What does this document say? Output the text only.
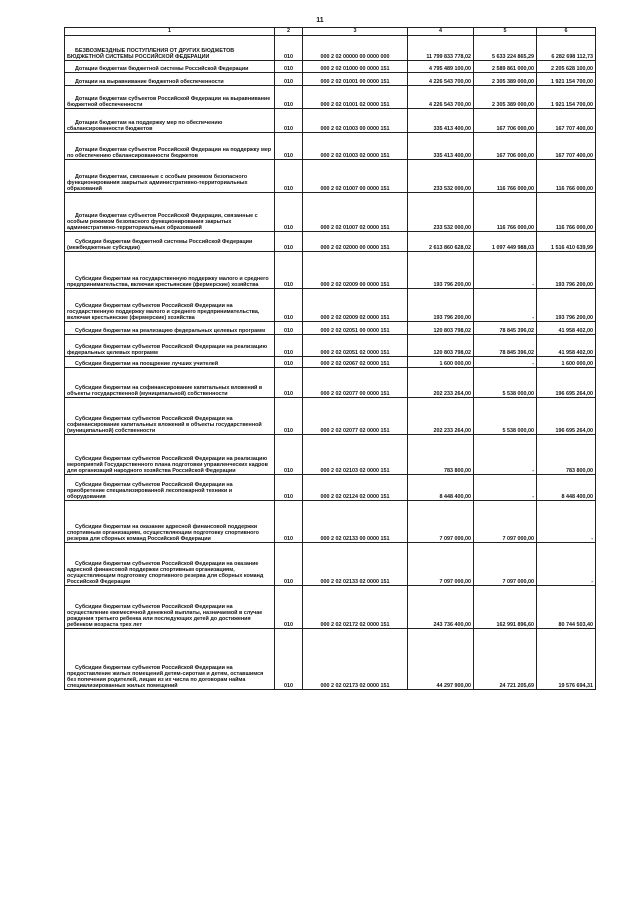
11
1	2	3	4	5	6

БЕЗВОЗМЕЗДНЫЕ ПОСТУПЛЕНИЯ ОТ ДРУГИХ БЮДЖЕТОВ БЮДЖЕТНОЙ СИСТЕМЫ РОССИЙСКОЙ ФЕДЕРАЦИИ	010	000 2 02 00000 00 0000 000	11 799 833 778,02	5 633 224 865,29	6 282 698 112,73

Дотации бюджетам бюджетной системы Российской Федерации	010	000 2 02 01000 00 0000 151	4 795 489 100,00	2 589 861 000,00	2 205 628 100,00

Дотации на выравнивание бюджетной обеспеченности	010	000 2 02 01001 00 0000 151	4 226 543 700,00	2 305 389 000,00	1 921 154 700,00

Дотации бюджетам субъектов Российской Федерации на выравнивание бюджетной обеспеченности	010	000 2 02 01001 02 0000 151	4 226 543 700,00	2 305 389 000,00	1 921 154 700,00

Дотации бюджетам на поддержку мер по обеспечению сбалансированности бюджетов	010	000 2 02 01003 00 0000 151	335 413 400,00	167 706 000,00	167 707 400,00

Дотации бюджетам субъектов Российской Федерации на поддержку мер по обеспечению сбалансированности бюджетов	010	000 2 02 01003 02 0000 151	335 413 400,00	167 706 000,00	167 707 400,00

Дотации бюджетам, связанные с особым режимом безопасного функционирования закрытых административно-территориальных образований	010	000 2 02 01007 00 0000 151	233 532 000,00	116 766 000,00	116 766 000,00

Дотации бюджетам субъектов Российской Федерации, связанные с особым режимом безопасного функционирования закрытых административно-территориальных образований	010	000 2 02 01007 02 0000 151	233 532 000,00	116 766 000,00	116 766 000,00

Субсидии бюджетам бюджетной системы Российской Федерации (межбюджетные субсидии)	010	000 2 02 02000 00 0000 151	2 613 860 628,02	1 097 449 988,03	1 516 410 639,99

Субсидии бюджетам на государственную поддержку малого и среднего предпринимательства, включая крестьянские (фермерские) хозяйства	010	000 2 02 02009 00 0000 151	193 796 200,00	-	193 796 200,00

Субсидии бюджетам субъектов Российской Федерации на государственную поддержку малого и среднего предпринимательства, включая крестьянские (фермерские) хозяйства	010	000 2 02 02009 02 0000 151	193 796 200,00	-	193 796 200,00

Субсидии бюджетам на реализацию федеральных целевых программ	010	000 2 02 02051 00 0000 151	120 803 798,02	78 845 396,02	41 958 402,00

Субсидии бюджетам субъектов Российской Федерации на реализацию федеральных целевых программ	010	000 2 02 02051 02 0000 151	120 803 798,02	78 845 396,02	41 958 402,00

Субсидии бюджетам на поощрение лучших учителей	010	000 2 02 02067 02 0000 151	1 600 000,00	-	1 600 000,00

Субсидии бюджетам на софинансирование капитальных вложений в объекты государственной (муниципальной) собственности	010	000 2 02 02077 00 0000 151	202 233 264,00	5 538 000,00	196 695 264,00

Субсидии бюджетам субъектов Российской Федерации на софинансирование капитальных вложений в объекты государственной (муниципальной) собственности	010	000 2 02 02077 02 0000 151	202 233 264,00	5 538 000,00	196 695 264,00

Субсидии бюджетам субъектов Российской Федерации на реализацию мероприятий Государственного плана подготовки управленческих кадров для организаций народного хозяйства Российской Федерации	010	000 2 02 02103 02 0000 151	783 800,00	-	783 800,00

Субсидии бюджетам субъектов Российской Федерации на приобретение специализированной лесопожарной техники и оборудования	010	000 2 02 02124 02 0000 151	8 448 400,00	-	8 448 400,00

Субсидии бюджетам на оказание адресной финансовой поддержки спортивным организациям, осуществляющим подготовку спортивного резерва для сборных команд Российской Федерации	010	000 2 02 02133 00 0000 151	7 097 000,00	7 097 000,00	-

Субсидии бюджетам субъектов Российской Федерации на оказание адресной финансовой поддержки спортивным организациям, осуществляющим подготовку спортивного резерва для сборных команд Российской Федерации	010	000 2 02 02133 02 0000 151	7 097 000,00	7 097 000,00	-

Субсидии бюджетам субъектов Российской Федерации на осуществление ежемесячной денежной выплаты, назначаемой в случае рождения третьего ребенка или последующих детей до достижения ребенком возраста трех лет	010	000 2 02 02172 02 0000 151	243 736 400,00	162 991 896,60	80 744 503,40

Субсидии бюджетам субъектов Российской Федерации на предоставление жилых помещений детям-сиротам и детям, оставшимся без попечения родителей, лицам из их числа по договорам найма специализированных жилых помещений	010	000 2 02 02173 02 0000 151	44 297 900,00	24 721 205,69	19 576 694,31
